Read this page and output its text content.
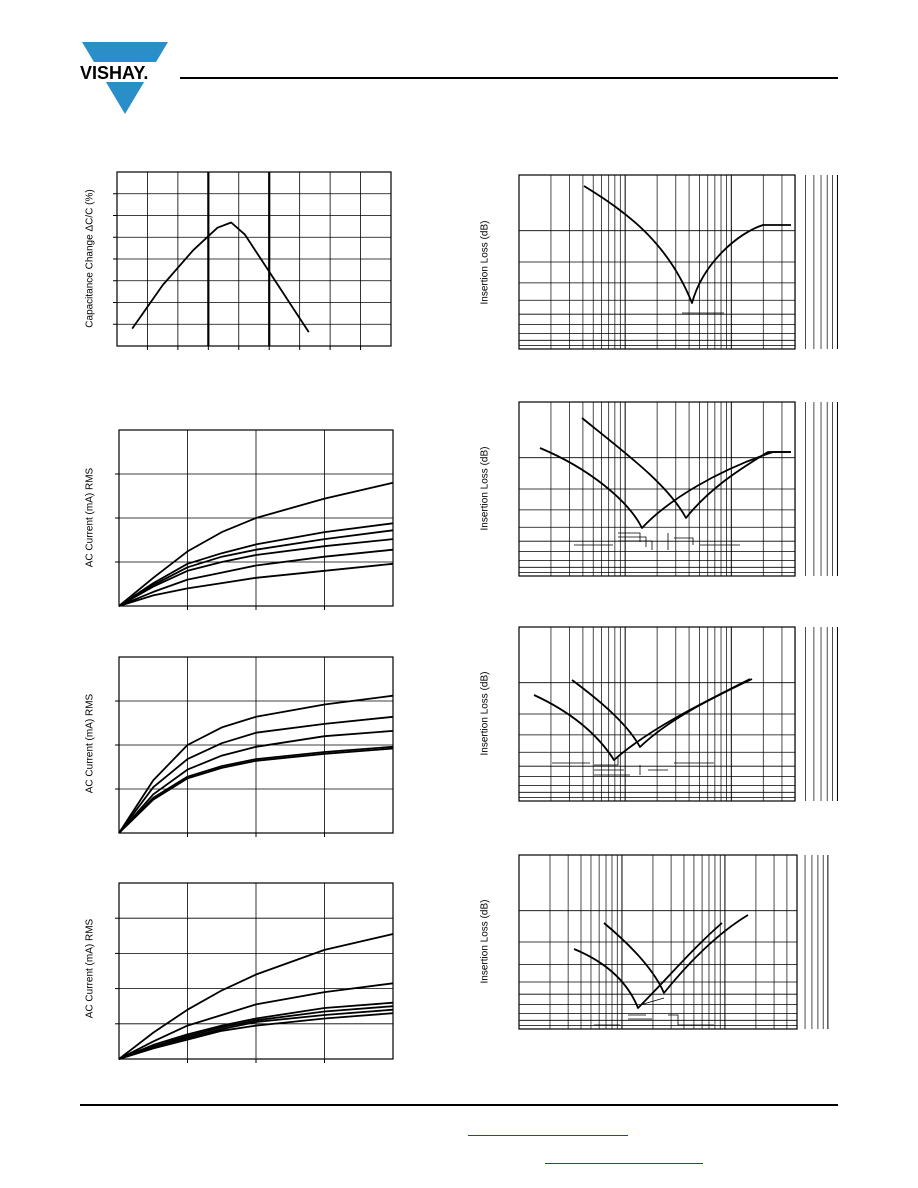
VISHAY.
Capacitance Change ΔC/C (%)
AC Current (mA) RMS
AC Current (mA) RMS
AC Current (mA) RMS
Insertion Loss (dB)
Insertion Loss (dB)
Insertion Loss (dB)
Insertion Loss (dB)
